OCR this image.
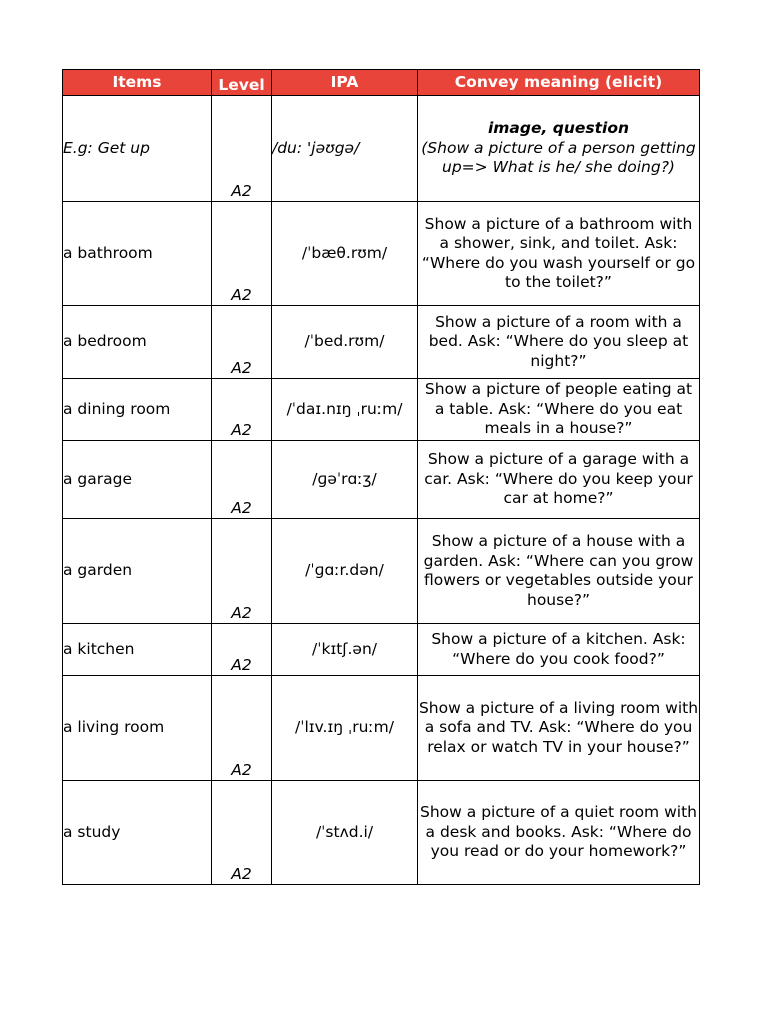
Items	Level	IPA	Convey meaning (elicit)
E.g: Get up	A2	/du: 'jəʊgə/	image, question
(Show a picture of a person getting up=> What is he/ she doing?)

a bathroom	A2	/ˈbæθ.rʊm/	Show a picture of a bathroom with a shower, sink, and toilet. Ask: “Where do you wash yourself or go to the toilet?”
a bedroom	A2	/ˈbed.rʊm/	Show a picture of a room with a bed. Ask: “Where do you sleep at night?”
a dining room	A2	/ˈdaɪ.nɪŋ ˌruːm/	Show a picture of people eating at a table. Ask: “Where do you eat meals in a house?”
a garage	A2	/ɡəˈrɑːʒ/	Show a picture of a garage with a car. Ask: “Where do you keep your car at home?”
a garden	A2	/ˈɡɑːr.dən/	Show a picture of a house with a garden. Ask: “Where can you grow flowers or vegetables outside your house?”
a kitchen	A2	/ˈkɪtʃ.ən/	Show a picture of a kitchen. Ask: “Where do you cook food?”
a living room	A2	/ˈlɪv.ɪŋ ˌruːm/	Show a picture of a living room with a sofa and TV. Ask: “Where do you relax or watch TV in your house?”
a study	A2	/ˈstʌd.i/	Show a picture of a quiet room with a desk and books. Ask: “Where do you read or do your homework?”
